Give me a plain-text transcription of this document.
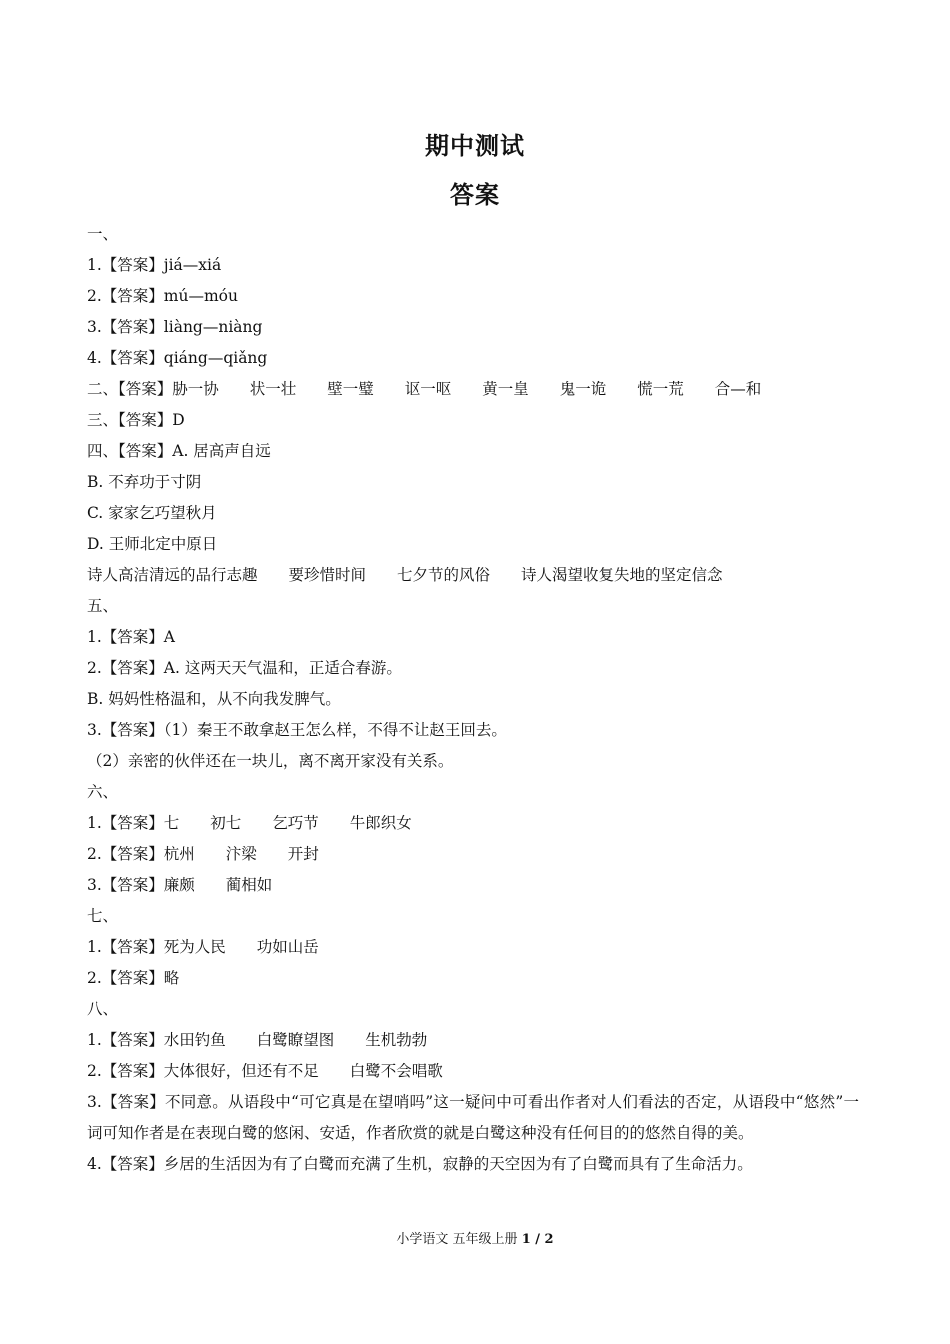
期中测试
答案
一、
1.【答案】jiá—xiá
2.【答案】mú—móu
3.【答案】liàng—niàng
4.【答案】qiáng—qiǎng
二、【答案】胁一协　　状一壮　　壁一璧　　讴一呕　　黄一皇　　鬼一诡　　慌一荒　　合—和
三、【答案】D
四、【答案】A. 居高声自远
B. 不弃功于寸阴
C. 家家乞巧望秋月
D. 王师北定中原日
诗人高洁清远的品行志趣　　要珍惜时间　　七夕节的风俗　　诗人渴望收复失地的坚定信念
五、
1.【答案】A
2.【答案】A. 这两天天气温和，正适合春游。
B. 妈妈性格温和，从不向我发脾气。
3.【答案】（1）秦王不敢拿赵王怎么样，不得不让赵王回去。
（2）亲密的伙伴还在一块儿，离不离开家没有关系。
六、
1.【答案】七　　初七　　乞巧节　　牛郎织女
2.【答案】杭州　　汴梁　　开封
3.【答案】廉颇　　蔺相如
七、
1.【答案】死为人民　　功如山岳
2.【答案】略
八、
1.【答案】水田钓鱼　　白鹭瞭望图　　生机勃勃
2.【答案】大体很好，但还有不足　　白鹭不会唱歌
3.【答案】不同意。从语段中“可它真是在望哨吗”这一疑问中可看出作者对人们看法的否定，从语段中“悠然”一词可知作者是在表现白鹭的悠闲、安适，作者欣赏的就是白鹭这种没有任何目的的悠然自得的美。
4.【答案】乡居的生活因为有了白鹭而充满了生机，寂静的天空因为有了白鹭而具有了生命活力。
小学语文 五年级上册 1 / 2
